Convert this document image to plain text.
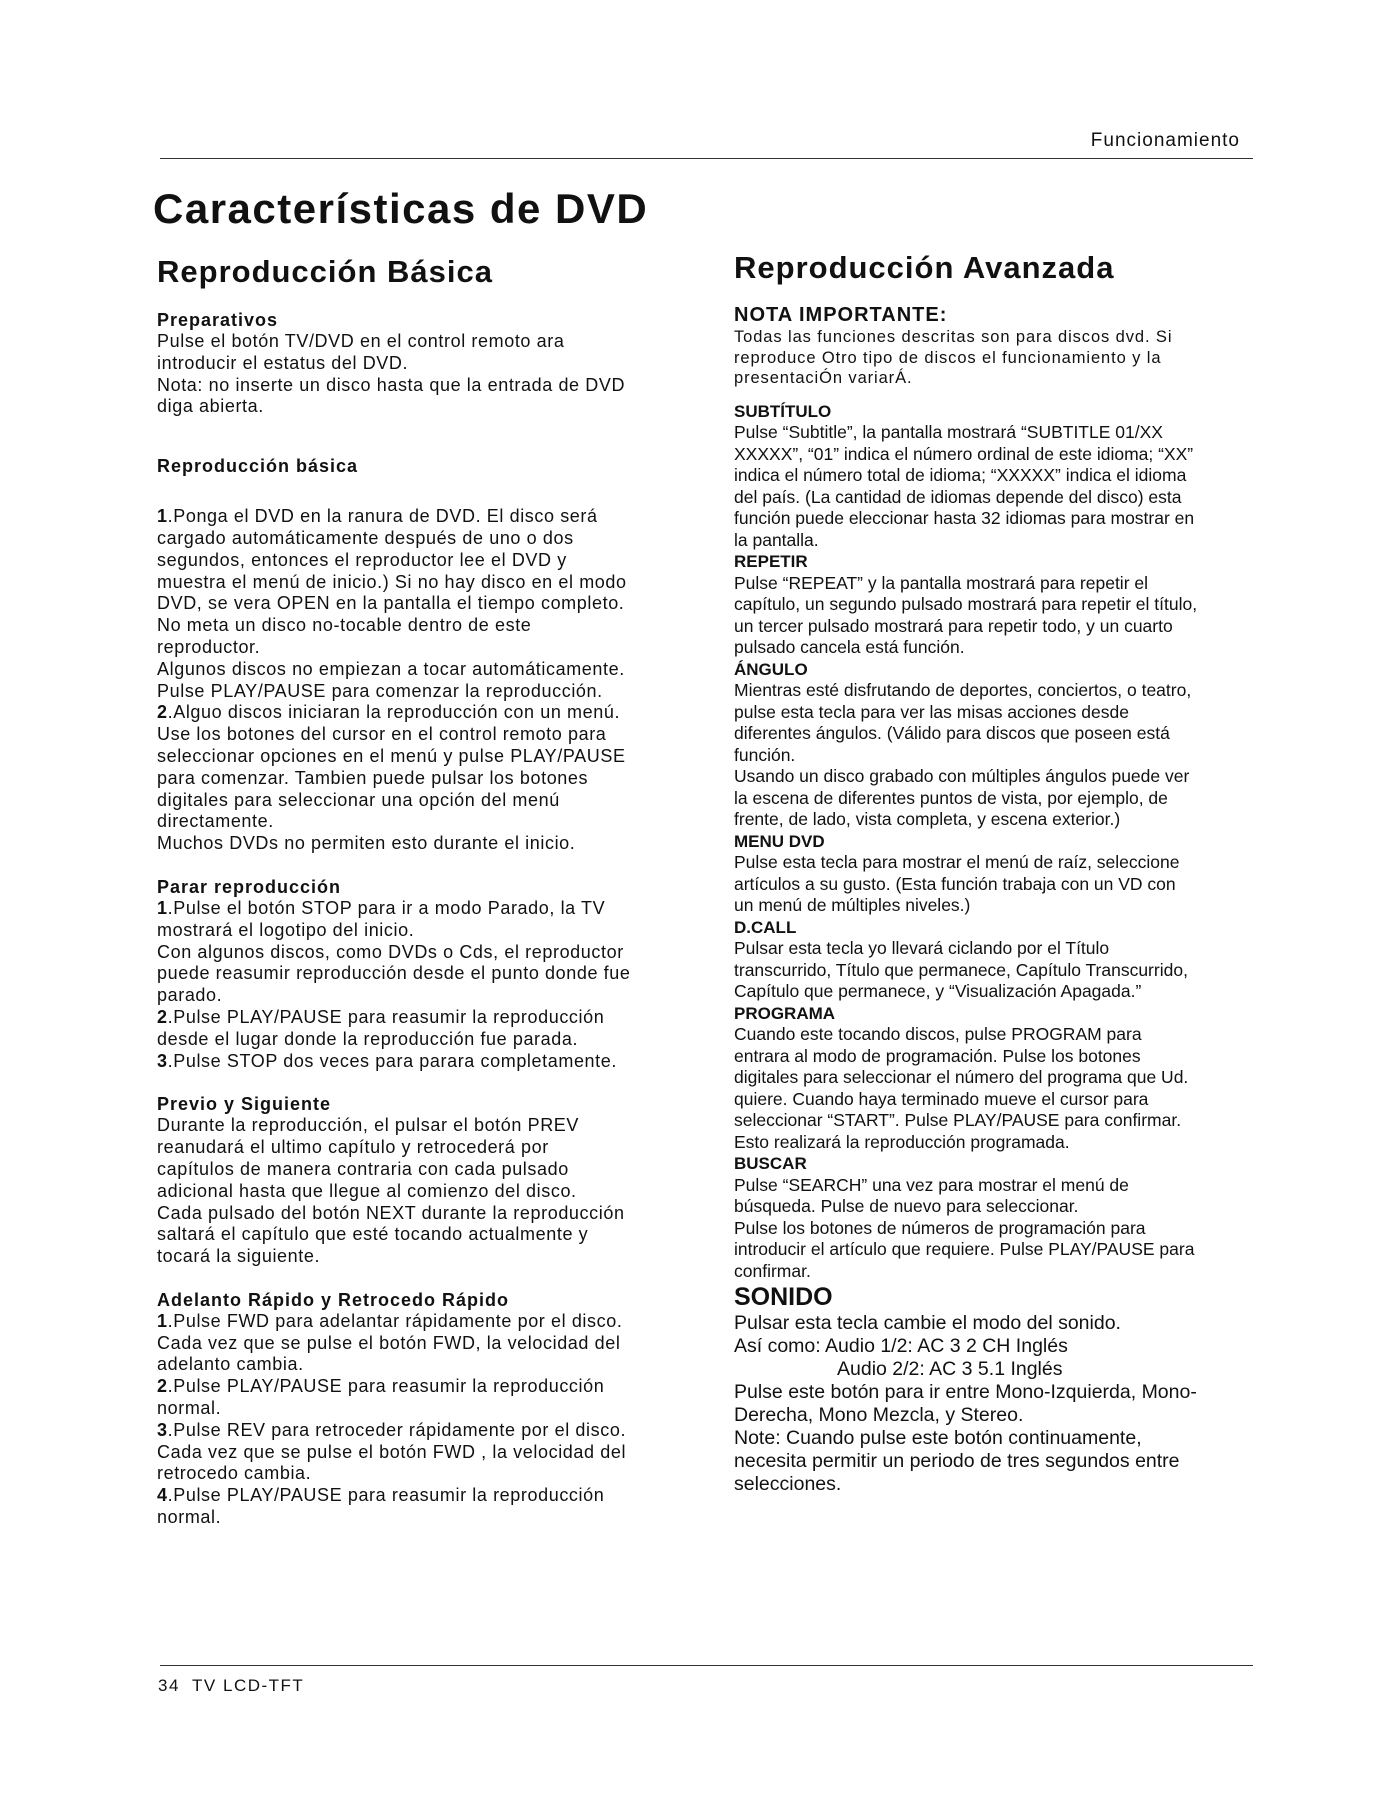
Funcionamiento
Características de DVD
Reproducción Básica

Preparativos

Pulse el botón TV/DVD en el control remoto ara
introducir el estatus del DVD.
Nota: no inserte un disco hasta que la entrada de DVD
diga abierta.

Reproducción básica

1.Ponga el DVD en la ranura de DVD. El disco será
cargado automáticamente después de uno o dos
segundos, entonces el reproductor lee el DVD y
muestra el menú de inicio.) Si no hay disco en el modo
DVD, se vera OPEN en la pantalla el tiempo completo.
No meta un disco no-tocable dentro de este
reproductor.
Algunos discos no empiezan a tocar automáticamente.
Pulse PLAY/PAUSE para comenzar la reproducción.

2.Alguo discos iniciaran la reproducción con un menú.
Use los botones del cursor en el control remoto para
seleccionar opciones en el menú y pulse PLAY/PAUSE
para comenzar. Tambien puede pulsar los botones
digitales para seleccionar una opción del menú
directamente.
Muchos DVDs no permiten esto durante el inicio.

Parar reproducción

1.Pulse el botón STOP para ir a modo Parado, la TV
mostrará el logotipo del inicio.
Con algunos discos, como DVDs o Cds, el reproductor
puede reasumir reproducción desde el punto donde fue
parado.

2.Pulse PLAY/PAUSE para reasumir la reproducción
desde el lugar donde la reproducción fue parada.

3.Pulse STOP dos veces para parara completamente.

Previo y Siguiente

Durante la reproducción, el pulsar el botón PREV
reanudará el ultimo capítulo y retrocederá por
capítulos de manera contraria con cada pulsado
adicional hasta que llegue al comienzo del disco.
Cada pulsado del botón NEXT durante la reproducción
saltará el capítulo que esté tocando actualmente y
tocará la siguiente.

Adelanto Rápido y Retrocedo Rápido

1.Pulse FWD para adelantar rápidamente por el disco.
Cada vez que se pulse el botón FWD, la velocidad del
adelanto cambia.

2.Pulse PLAY/PAUSE para reasumir la reproducción
normal.

3.Pulse REV para retroceder rápidamente por el disco.
Cada vez que se pulse el botón FWD , la velocidad del
retrocedo cambia.

4.Pulse PLAY/PAUSE para reasumir la reproducción
normal.

Reproducción Avanzada

NOTA IMPORTANTE:

Todas las funciones descritas son para discos dvd. Si
reproduce Otro tipo de discos el funcionamiento y la
presentaciÓn variarÁ.

SUBTÍTULO

Pulse “Subtitle”, la pantalla mostrará “SUBTITLE 01/XX
XXXXX”, “01” indica el número ordinal de este idioma; “XX”
indica el número total de idioma; “XXXXX” indica el idioma
del país. (La cantidad de idiomas depende del disco) esta
función puede eleccionar hasta 32 idiomas para mostrar en
la pantalla.

REPETIR

Pulse “REPEAT” y la pantalla mostrará para repetir el
capítulo, un segundo pulsado mostrará para repetir el título,
un tercer pulsado mostrará para repetir todo, y un cuarto
pulsado cancela está función.

ÁNGULO

Mientras esté disfrutando de deportes, conciertos, o teatro,
pulse esta tecla para ver las misas acciones desde
diferentes ángulos. (Válido para discos que poseen está
función.
Usando un disco grabado con múltiples ángulos puede ver
la escena de diferentes puntos de vista, por ejemplo, de
frente, de lado, vista completa, y escena exterior.)

MENU DVD

Pulse esta tecla para mostrar el menú de raíz, seleccione
artículos a su gusto. (Esta función trabaja con un VD con
un menú de múltiples niveles.)

D.CALL

Pulsar esta tecla yo llevará ciclando por el Título
transcurrido, Título que permanece, Capítulo Transcurrido,
Capítulo que permanece, y “Visualización Apagada.”

PROGRAMA

Cuando este tocando discos, pulse PROGRAM para
entrara al modo de programación. Pulse los botones
digitales para seleccionar el número del programa que Ud.
quiere. Cuando haya terminado mueve el cursor para
seleccionar “START”. Pulse PLAY/PAUSE para confirmar.
Esto realizará la reproducción programada.

BUSCAR

Pulse “SEARCH” una vez para mostrar el menú de
búsqueda. Pulse de nuevo para seleccionar.
Pulse los botones de números de programación para
introducir el artículo que requiere. Pulse PLAY/PAUSE para
confirmar.

SONIDO

Pulsar esta tecla cambie el modo del sonido.

Así como: Audio 1/2: AC 3 2 CH Inglés

Audio 2/2: AC 3 5.1 Inglés

Pulse este botón para ir entre Mono-Izquierda, Mono-
Derecha, Mono Mezcla, y Stereo.
Note: Cuando pulse este botón continuamente,
necesita permitir un periodo de tres segundos entre
selecciones.

34  TV LCD-TFT
